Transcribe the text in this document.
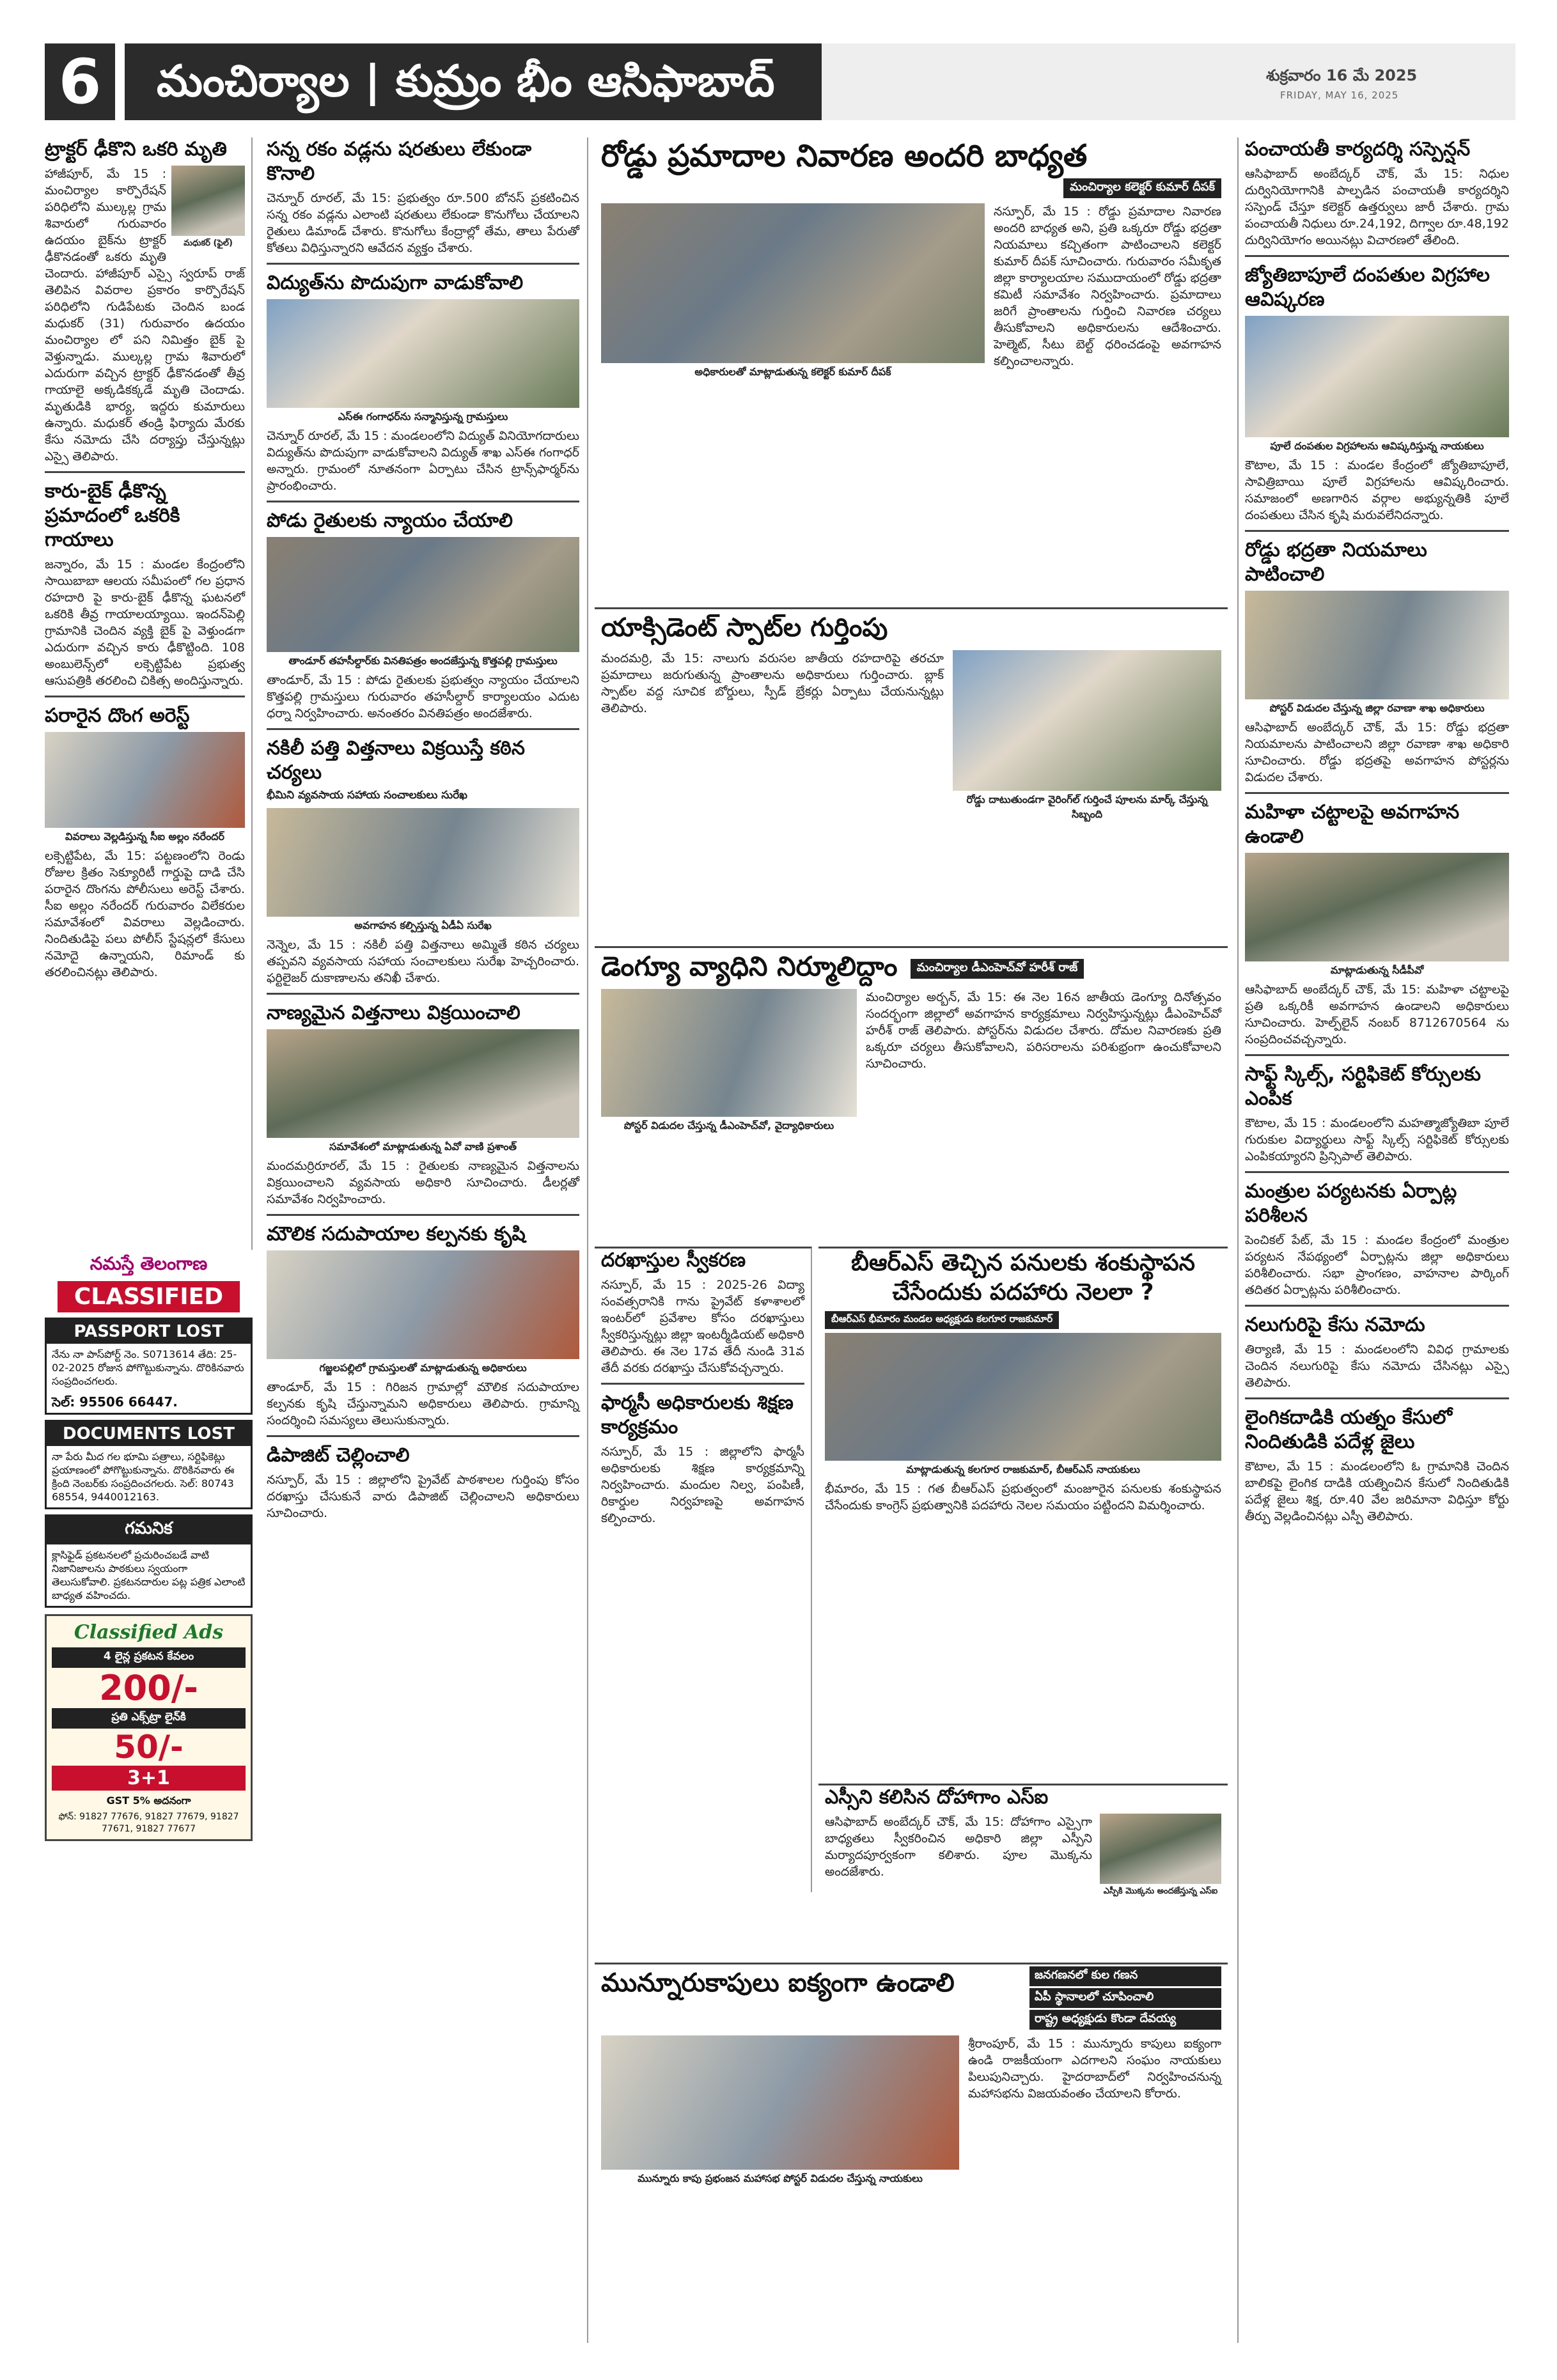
6	మంచిర్యాల | కుమ్రం భీం ఆసిఫాబాద్	శుక్రవారం 16 మే 2025
FRIDAY, MAY 16, 2025
ట్రాక్టర్ ఢీకొని ఒకరి మృతి
మధుకర్ (ఫైల్)
హాజీపూర్, మే 15 : మంచిర్యాల కార్పొరేషన్ పరిధిలోని ముల్కల్ల గ్రామ శివారులో గురువారం ఉదయం బైక్‌ను ట్రాక్టర్ ఢీకొనడంతో ఒకరు మృతి చెందారు. హాజీపూర్ ఎస్సై స్వరూప్ రాజ్ తెలిపిన వివరాల ప్రకారం కార్పొరేషన్ పరిధిలోని గుడిపేటకు చెందిన బండ మధుకర్ (31) గురువారం ఉదయం మంచిర్యాల లో పని నిమిత్తం బైక్ పై వెళ్తున్నాడు. ముల్కల్ల గ్రామ శివారులో ఎదురుగా వచ్చిన ట్రాక్టర్ ఢీకొనడంతో తీవ్ర గాయాలై అక్కడికక్కడే మృతి చెందాడు. మృతుడికి భార్య, ఇద్దరు కుమారులు ఉన్నారు. మధుకర్ తండ్రి ఫిర్యాదు మేరకు కేసు నమోదు చేసి దర్యాప్తు చేస్తున్నట్లు ఎస్సై తెలిపారు.
కారు-బైక్ ఢీకొన్న ప్రమాదంలో ఒకరికి గాయాలు
జన్నారం, మే 15 : మండల కేంద్రంలోని సాయిబాబా ఆలయ సమీపంలో గల ప్రధాన రహదారి పై కారు-బైక్ ఢీకొన్న ఘటనలో ఒకరికి తీవ్ర గాయాలయ్యాయి. ఇందన్‌పెల్లి గ్రామానికి చెందిన వ్యక్తి బైక్ పై వెళ్తుండగా ఎదురుగా వచ్చిన కారు ఢీకొట్టింది. 108 అంబులెన్స్‌లో లక్సెట్టిపేట ప్రభుత్వ ఆసుపత్రికి తరలించి చికిత్స అందిస్తున్నారు.
పరారైన దొంగ అరెస్ట్
వివరాలు వెల్లడిస్తున్న సీఐ అల్లం నరేందర్
లక్సెట్టిపేట, మే 15: పట్టణంలోని రెండు రోజుల క్రితం సెక్యూరిటీ గార్డుపై దాడి చేసి పరారైన దొంగను పోలీసులు అరెస్ట్ చేశారు. సీఐ అల్లం నరేందర్ గురువారం విలేకరుల సమావేశంలో వివరాలు వెల్లడించారు. నిందితుడిపై పలు పోలీస్ స్టేషన్లలో కేసులు నమోదై ఉన్నాయని, రిమాండ్ కు తరలించినట్లు తెలిపారు.
నమస్తే తెలంగాణ
CLASSIFIED
PASSPORT LOST
నేను నా పాస్‌పోర్ట్ నెం. S0713614 తేది: 25-02-2025 రోజున పోగొట్టుకున్నాను. దొరికినవారు సంప్రదించగలరు.
సెల్: 95506 66447.
DOCUMENTS LOST
నా పేరు మీద గల భూమి పత్రాలు, సర్టిఫికెట్లు ప్రయాణంలో పోగొట్టుకున్నాను. దొరికినవారు ఈ క్రింది నెంబర్‌కు సంప్రదించగలరు. సెల్: 80743 68554, 9440012163.
గమనిక
క్లాసిఫైడ్ ప్రకటనలలో ప్రచురించబడే వాటి నిజానిజాలను పాఠకులు స్వయంగా తెలుసుకోవాలి. ప్రకటనదారుల పట్ల పత్రిక ఎలాంటి బాధ్యత వహించదు.
Classified Ads
4 లైన్ల ప్రకటన కేవలం
200/-
ప్రతి ఎక్స్‌ట్రా లైన్‌కి
50/-
3+1
GST 5% అదనంగా
ఫోన్: 91827 77676, 91827 77679, 91827 77671, 91827 77677
సన్న రకం వడ్లను షరతులు లేకుండా కొనాలి
చెన్నూర్ రూరల్, మే 15: ప్రభుత్వం రూ.500 బోనస్ ప్రకటించిన సన్న రకం వడ్లను ఎలాంటి షరతులు లేకుండా కొనుగోలు చేయాలని రైతులు డిమాండ్ చేశారు. కొనుగోలు కేంద్రాల్లో తేమ, తాలు పేరుతో కోతలు విధిస్తున్నారని ఆవేదన వ్యక్తం చేశారు.
విద్యుత్‌ను పొదుపుగా వాడుకోవాలి
ఎస్‌ఈ గంగాధర్‌ను సన్మానిస్తున్న గ్రామస్తులు
చెన్నూర్ రూరల్, మే 15 : మండలంలోని విద్యుత్ వినియోగదారులు విద్యుత్‌ను పొదుపుగా వాడుకోవాలని విద్యుత్ శాఖ ఎస్ఈ గంగాధర్ అన్నారు. గ్రామంలో నూతనంగా ఏర్పాటు చేసిన ట్రాన్స్‌ఫార్మర్‌ను ప్రారంభించారు.
పోడు రైతులకు న్యాయం చేయాలి
తాండూర్ తహసీల్దార్‌కు వినతిపత్రం అందజేస్తున్న కొత్తపల్లి గ్రామస్తులు
తాండూర్, మే 15 : పోడు రైతులకు ప్రభుత్వం న్యాయం చేయాలని కొత్తపల్లి గ్రామస్తులు గురువారం తహసీల్దార్ కార్యాలయం ఎదుట ధర్నా నిర్వహించారు. అనంతరం వినతిపత్రం అందజేశారు.
నకిలీ పత్తి విత్తనాలు విక్రయిస్తే కఠిన చర్యలు
భీమిని వ్యవసాయ సహాయ సంచాలకులు సురేఖ
అవగాహన కల్పిస్తున్న ఏడీఏ సురేఖ
నెన్నెల, మే 15 : నకిలీ పత్తి విత్తనాలు అమ్మితే కఠిన చర్యలు తప్పవని వ్యవసాయ సహాయ సంచాలకులు సురేఖ హెచ్చరించారు. ఫర్టిలైజర్ దుకాణాలను తనిఖీ చేశారు.
నాణ్యమైన విత్తనాలు విక్రయించాలి
సమావేశంలో మాట్లాడుతున్న ఏవో వాణి ప్రశాంత్
మందమర్రిరూరల్, మే 15 : రైతులకు నాణ్యమైన విత్తనాలను విక్రయించాలని వ్యవసాయ అధికారి సూచించారు. డీలర్లతో సమావేశం నిర్వహించారు.
మౌలిక సదుపాయాల కల్పనకు కృషి
గజ్జలపల్లిలో గ్రామస్తులతో మాట్లాడుతున్న అధికారులు
తాండూర్, మే 15 : గిరిజన గ్రామాల్లో మౌలిక సదుపాయాల కల్పనకు కృషి చేస్తున్నామని అధికారులు తెలిపారు. గ్రామాన్ని సందర్శించి సమస్యలు తెలుసుకున్నారు.
డిపాజిట్ చెల్లించాలి
నస్పూర్, మే 15 : జిల్లాలోని ప్రైవేట్ పాఠశాలల గుర్తింపు కోసం దరఖాస్తు చేసుకునే వారు డిపాజిట్ చెల్లించాలని అధికారులు సూచించారు.
రోడ్డు ప్రమాదాల నివారణ అందరి బాధ్యత
మంచిర్యాల కలెక్టర్ కుమార్ దీపక్
అధికారులతో మాట్లాడుతున్న కలెక్టర్ కుమార్ దీపక్
నస్పూర్, మే 15 : రోడ్డు ప్రమాదాల నివారణ అందరి బాధ్యత అని, ప్రతి ఒక్కరూ రోడ్డు భద్రతా నియమాలు కచ్చితంగా పాటించాలని కలెక్టర్ కుమార్ దీపక్ సూచించారు. గురువారం సమీకృత జిల్లా కార్యాలయాల సముదాయంలో రోడ్డు భద్రతా కమిటీ సమావేశం నిర్వహించారు. ప్రమాదాలు జరిగే ప్రాంతాలను గుర్తించి నివారణ చర్యలు తీసుకోవాలని అధికారులను ఆదేశించారు. హెల్మెట్, సీటు బెల్ట్ ధరించడంపై అవగాహన కల్పించాలన్నారు.
యాక్సిడెంట్ స్పాట్‌ల గుర్తింపు
మందమర్రి, మే 15: నాలుగు వరుసల జాతీయ రహదారిపై తరచూ ప్రమాదాలు జరుగుతున్న ప్రాంతాలను అధికారులు గుర్తించారు. బ్లాక్ స్పాట్‌ల వద్ద సూచిక బోర్డులు, స్పీడ్ బ్రేకర్లు ఏర్పాటు చేయనున్నట్లు తెలిపారు.
రోడ్డు దాటుతుండగా వైరింగ్‌ల్ గుర్తించే పూలను మార్క్ చేస్తున్న సిబ్బంది
డెంగ్యూ వ్యాధిని నిర్మూలిద్దాం	మంచిర్యాల డీఎంహెచ్‌వో హరీశ్ రాజ్
పోస్టర్ విడుదల చేస్తున్న డీఎంహెచ్‌వో, వైద్యాధికారులు
మంచిర్యాల అర్బన్, మే 15: ఈ నెల 16న జాతీయ డెంగ్యూ దినోత్సవం సందర్భంగా జిల్లాలో అవగాహన కార్యక్రమాలు నిర్వహిస్తున్నట్లు డీఎంహెచ్‌వో హరీశ్ రాజ్ తెలిపారు. పోస్టర్‌ను విడుదల చేశారు. దోమల నివారణకు ప్రతి ఒక్కరూ చర్యలు తీసుకోవాలని, పరిసరాలను పరిశుభ్రంగా ఉంచుకోవాలని సూచించారు.
దరఖాస్తుల స్వీకరణ
నస్పూర్, మే 15 : 2025-26 విద్యా సంవత్సరానికి గాను ప్రైవేట్ కళాశాలలో ఇంటర్‌లో ప్రవేశాల కోసం దరఖాస్తులు స్వీకరిస్తున్నట్లు జిల్లా ఇంటర్మీడియట్ అధికారి తెలిపారు. ఈ నెల 17వ తేదీ నుండి 31వ తేదీ వరకు దరఖాస్తు చేసుకోవచ్చన్నారు.
ఫార్మసీ అధికారులకు శిక్షణ కార్యక్రమం
నస్పూర్, మే 15 : జిల్లాలోని ఫార్మసీ అధికారులకు శిక్షణ కార్యక్రమాన్ని నిర్వహించారు. మందుల నిల్వ, పంపిణీ, రికార్డుల నిర్వహణపై అవగాహన కల్పించారు.
బీఆర్ఎస్ తెచ్చిన పనులకు శంకుస్థాపన చేసేందుకు పదహారు నెలలా ?
బీఆర్ఎస్ భీమారం మండల అధ్యక్షుడు కలగూర రాజకుమార్
మాట్లాడుతున్న కలగూర రాజకుమార్, బీఆర్ఎస్ నాయకులు
భీమారం, మే 15 : గత బీఆర్ఎస్ ప్రభుత్వంలో మంజూరైన పనులకు శంకుస్థాపన చేసేందుకు కాంగ్రెస్ ప్రభుత్వానికి పదహారు నెలల సమయం పట్టిందని విమర్శించారు.
ఎస్సీని కలిసిన దోహాగాం ఎస్ఐ
ఆసిఫాబాద్ అంబేద్కర్ చౌక్, మే 15: దోహాగాం ఎస్సైగా బాధ్యతలు స్వీకరించిన అధికారి జిల్లా ఎస్పీని మర్యాదపూర్వకంగా కలిశారు. పూల మొక్కను అందజేశారు.
ఎస్పీకి మొక్కను అందజేస్తున్న ఎస్ఐ
మున్నూరుకాపులు ఐక్యంగా ఉండాలి	జనగణనలో కుల గణన
ఏపీ స్థానాలలో చూపించాలి
రాష్ట్ర అధ్యక్షుడు కొండా దేవయ్య
మున్నూరు కాపు ప్రభంజన మహాసభ పోస్టర్ విడుదల చేస్తున్న నాయకులు
శ్రీరాంపూర్, మే 15 : మున్నూరు కాపులు ఐక్యంగా ఉండి రాజకీయంగా ఎదగాలని సంఘం నాయకులు పిలుపునిచ్చారు. హైదరాబాద్‌లో నిర్వహించనున్న మహాసభను విజయవంతం చేయాలని కోరారు.
పంచాయతీ కార్యదర్శి సస్పెన్షన్
ఆసిఫాబాద్ అంబేద్కర్ చౌక్, మే 15: నిధుల దుర్వినియోగానికి పాల్పడిన పంచాయతీ కార్యదర్శిని సస్పెండ్ చేస్తూ కలెక్టర్ ఉత్తర్వులు జారీ చేశారు. గ్రామ పంచాయతీ నిధులు రూ.24,192, దిగ్వాల రూ.48,192 దుర్వినియోగం అయినట్లు విచారణలో తేలింది.
జ్యోతిబాపూలే దంపతుల విగ్రహాల ఆవిష్కరణ
పూలే దంపతుల విగ్రహాలను ఆవిష్కరిస్తున్న నాయకులు
కౌటాల, మే 15 : మండల కేంద్రంలో జ్యోతిబాపూలే, సావిత్రిబాయి పూలే విగ్రహాలను ఆవిష్కరించారు. సమాజంలో అణగారిన వర్గాల అభ్యున్నతికి పూలే దంపతులు చేసిన కృషి మరువలేనిదన్నారు.
రోడ్డు భద్రతా నియమాలు పాటించాలి
పోస్టర్ విడుదల చేస్తున్న జిల్లా రవాణా శాఖ అధికారులు
ఆసిఫాబాద్ అంబేద్కర్ చౌక్, మే 15: రోడ్డు భద్రతా నియమాలను పాటించాలని జిల్లా రవాణా శాఖ అధికారి సూచించారు. రోడ్డు భద్రతపై అవగాహన పోస్టర్లను విడుదల చేశారు.
మహిళా చట్టాలపై అవగాహన ఉండాలి
మాట్లాడుతున్న సీడీపీవో
ఆసిఫాబాద్ అంబేద్కర్ చౌక్, మే 15: మహిళా చట్టాలపై ప్రతి ఒక్కరికీ అవగాహన ఉండాలని అధికారులు సూచించారు. హెల్ప్‌లైన్ నంబర్ 8712670564 ను సంప్రదించవచ్చన్నారు.
సాఫ్ట్ స్కిల్స్, సర్టిఫికెట్ కోర్సులకు ఎంపిక
కౌటాల, మే 15 : మండలంలోని మహత్మాజ్యోతిబా పూలే గురుకుల విద్యార్థులు సాఫ్ట్ స్కిల్స్ సర్టిఫికెట్ కోర్సులకు ఎంపికయ్యారని ప్రిన్సిపాల్ తెలిపారు.
మంత్రుల పర్యటనకు ఏర్పాట్ల పరిశీలన
పెంచికల్ పేట్, మే 15 : మండల కేంద్రంలో మంత్రుల పర్యటన నేపథ్యంలో ఏర్పాట్లను జిల్లా అధికారులు పరిశీలించారు. సభా ప్రాంగణం, వాహనాల పార్కింగ్ తదితర ఏర్పాట్లను పరిశీలించారు.
నలుగురిపై కేసు నమోదు
తిర్యాణి, మే 15 : మండలంలోని వివిధ గ్రామాలకు చెందిన నలుగురిపై కేసు నమోదు చేసినట్లు ఎస్సై తెలిపారు.
లైంగికదాడికి యత్నం కేసులో నిందితుడికి పదేళ్ల జైలు
కౌటాల, మే 15 : మండలంలోని ఓ గ్రామానికి చెందిన బాలికపై లైంగిక దాడికి యత్నించిన కేసులో నిందితుడికి పదేళ్ల జైలు శిక్ష, రూ.40 వేల జరిమానా విధిస్తూ కోర్టు తీర్పు వెల్లడించినట్లు ఎస్పీ తెలిపారు.
